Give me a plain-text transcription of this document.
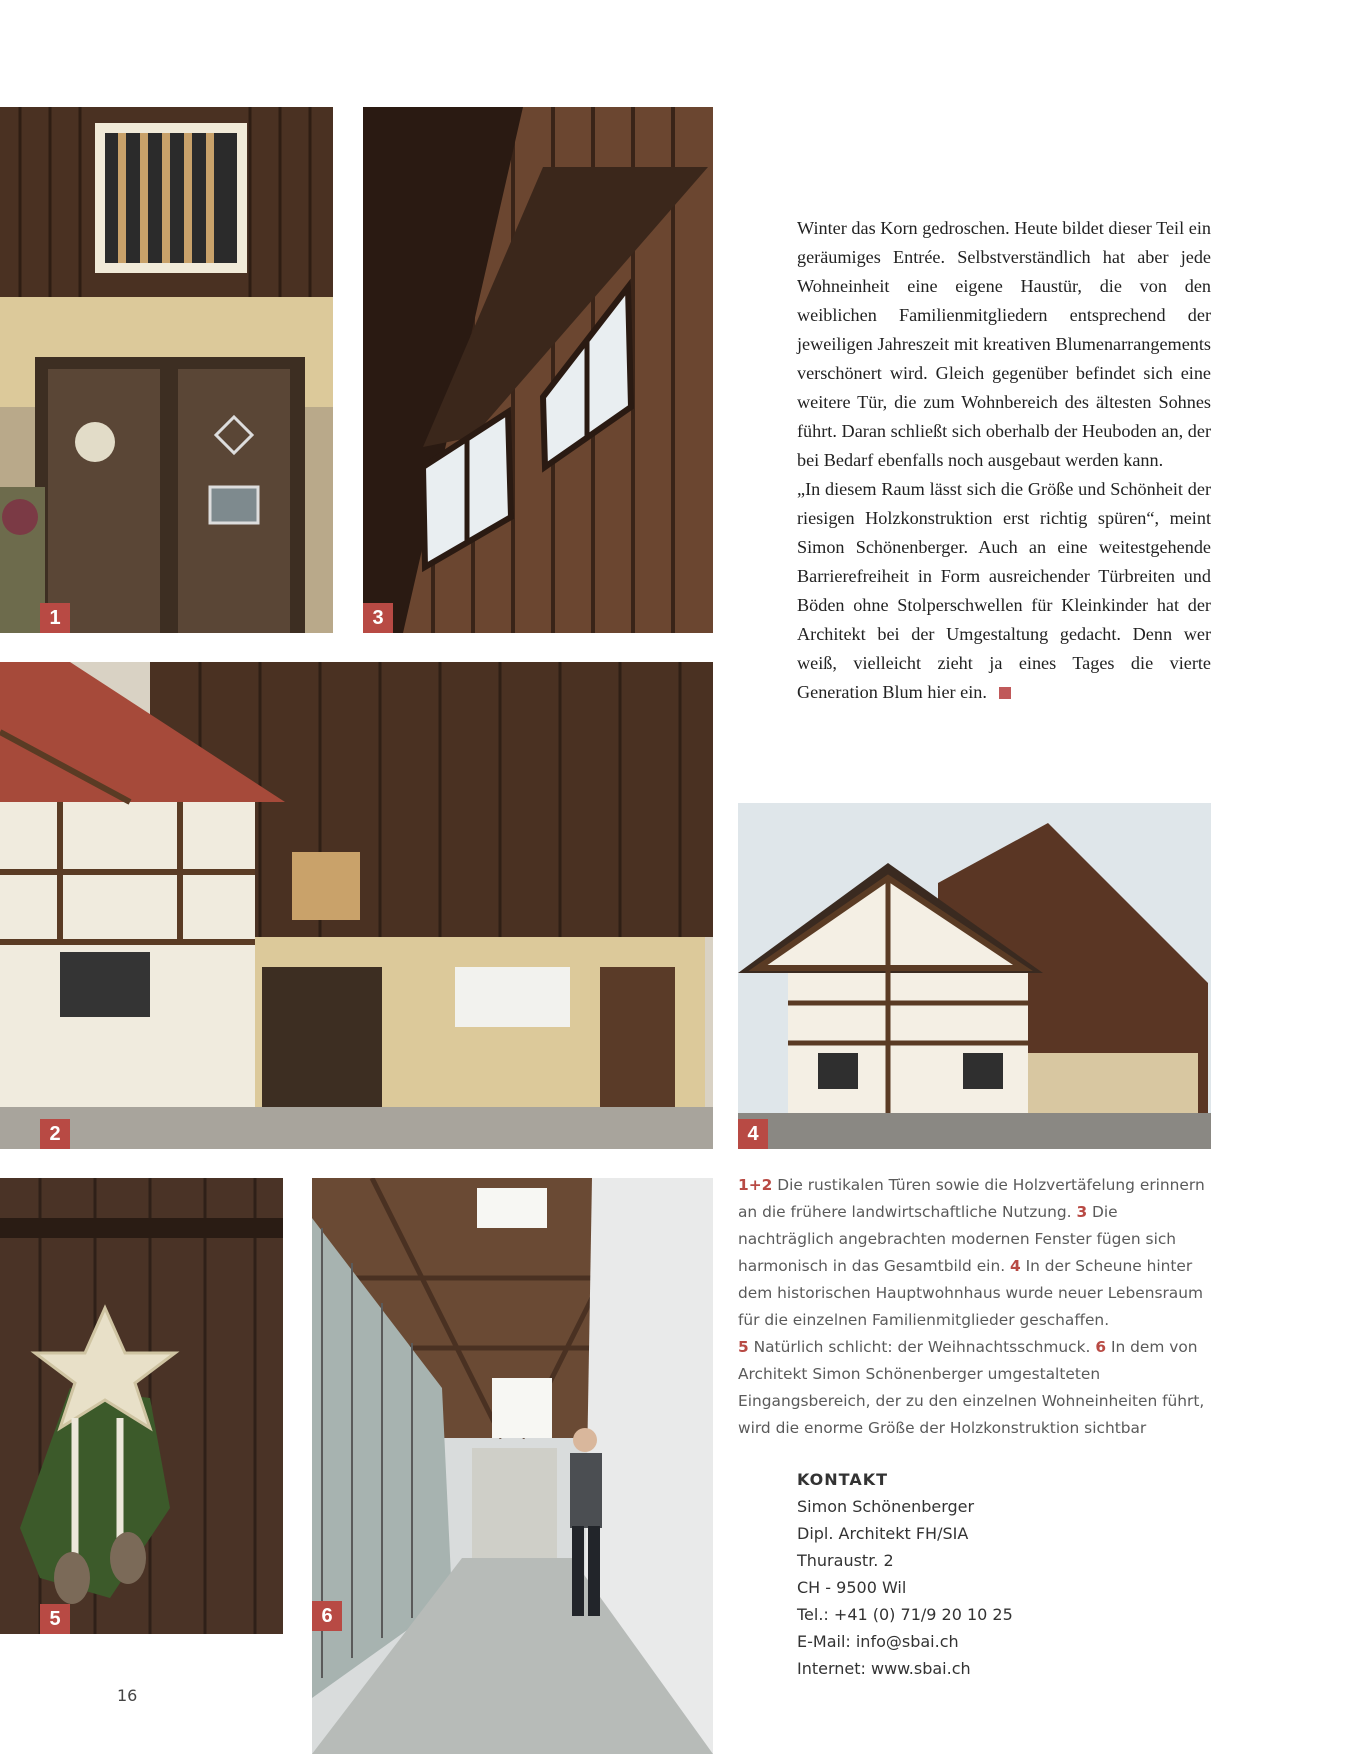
1	3
2	4
5	6

Winter das Korn gedroschen. Heute bildet dieser Teil ein geräumiges Entrée. Selbstverständlich hat aber jede Wohneinheit eine eigene Haustür, die von den weiblichen Familienmitgliedern entsprechend der jeweiligen Jahreszeit mit kreativen Blumenarrangements verschönert wird. Gleich gegenüber befindet sich eine weitere Tür, die zum Wohnbereich des ältesten Sohnes führt. Daran schließt sich oberhalb der Heuboden an, der bei Bedarf ebenfalls noch ausgebaut werden kann.

„In diesem Raum lässt sich die Größe und Schönheit der riesigen Holzkonstruktion erst richtig spüren“, meint Simon Schönenberger. Auch an eine weitestgehende Barrierefreiheit in Form ausreichender Türbreiten und Böden ohne Stolperschwellen für Kleinkinder hat der Architekt bei der Umgestaltung gedacht. Denn wer weiß, vielleicht zieht ja eines Tages die vierte Generation Blum hier ein.

1+2 Die rustikalen Türen sowie die Holzvertäfelung erinnern an die frühere landwirtschaftliche Nutzung. 3 Die nachträglich angebrachten modernen Fenster fügen sich harmonisch in das Gesamtbild ein. 4 In der Scheune hinter dem historischen Hauptwohnhaus wurde neuer Lebensraum für die einzelnen Familienmitglieder geschaffen.
5 Natürlich schlicht: der Weihnachtsschmuck. 6 In dem von Architekt Simon Schönenberger umgestalteten Eingangsbereich, der zu den einzelnen Wohneinheiten führt, wird die enorme Größe der Holzkonstruktion sichtbar

KONTAKT
Simon Schönenberger
Dipl. Architekt FH/SIA
Thuraustr. 2
CH - 9500 Wil
Tel.: +41 (0) 71/9 20 10 25
E-Mail: info@sbai.ch
Internet: www.sbai.ch
16
